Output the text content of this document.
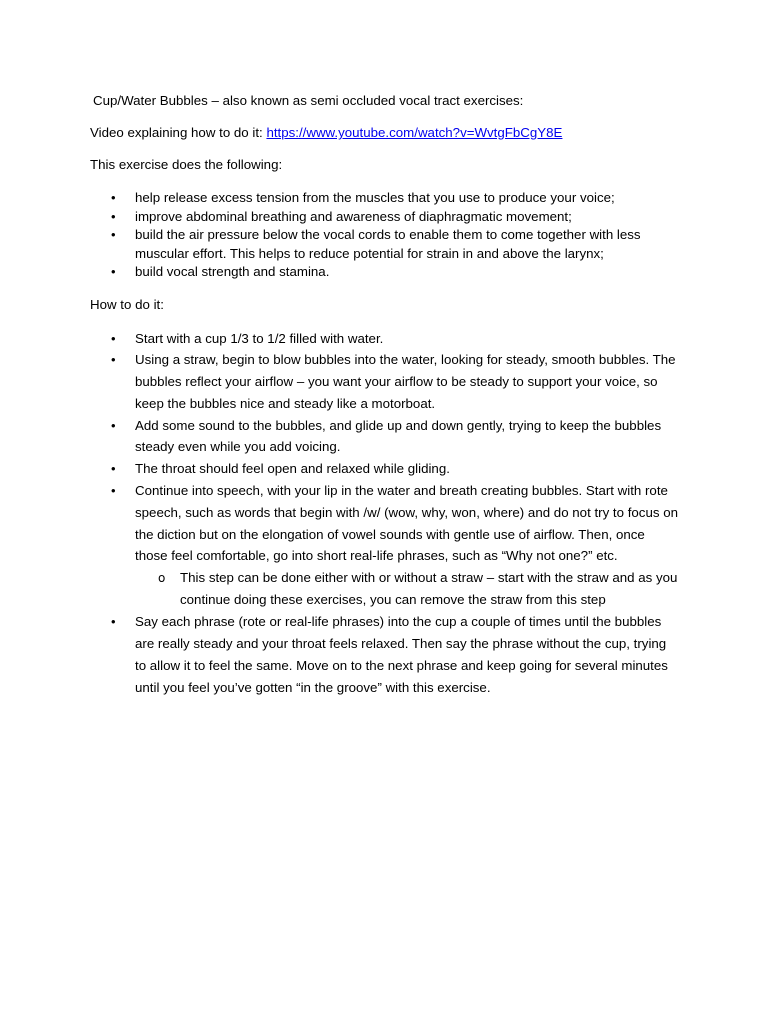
Cup/Water Bubbles – also known as semi occluded vocal tract exercises:

Video explaining how to do it: https://www.youtube.com/watch?v=WvtgFbCgY8E

This exercise does the following:

• help release excess tension from the muscles that you use to produce your voice;
• improve abdominal breathing and awareness of diaphragmatic movement;
• build the air pressure below the vocal cords to enable them to come together with less muscular effort. This helps to reduce potential for strain in and above the larynx;
• build vocal strength and stamina.

How to do it:

• Start with a cup 1/3 to 1/2 filled with water.
• Using a straw, begin to blow bubbles into the water, looking for steady, smooth bubbles. The bubbles reflect your airflow – you want your airflow to be steady to support your voice, so keep the bubbles nice and steady like a motorboat.
• Add some sound to the bubbles, and glide up and down gently, trying to keep the bubbles steady even while you add voicing.
• The throat should feel open and relaxed while gliding.
• Continue into speech, with your lip in the water and breath creating bubbles. Start with rote speech, such as words that begin with /w/ (wow, why, won, where) and do not try to focus on the diction but on the elongation of vowel sounds with gentle use of airflow. Then, once those feel comfortable, go into short real-life phrases, such as “Why not one?” etc.
o This step can be done either with or without a straw – start with the straw and as you continue doing these exercises, you can remove the straw from this step
• Say each phrase (rote or real-life phrases) into the cup a couple of times until the bubbles are really steady and your throat feels relaxed. Then say the phrase without the cup, trying to allow it to feel the same. Move on to the next phrase and keep going for several minutes until you feel you’ve gotten “in the groove” with this exercise.
